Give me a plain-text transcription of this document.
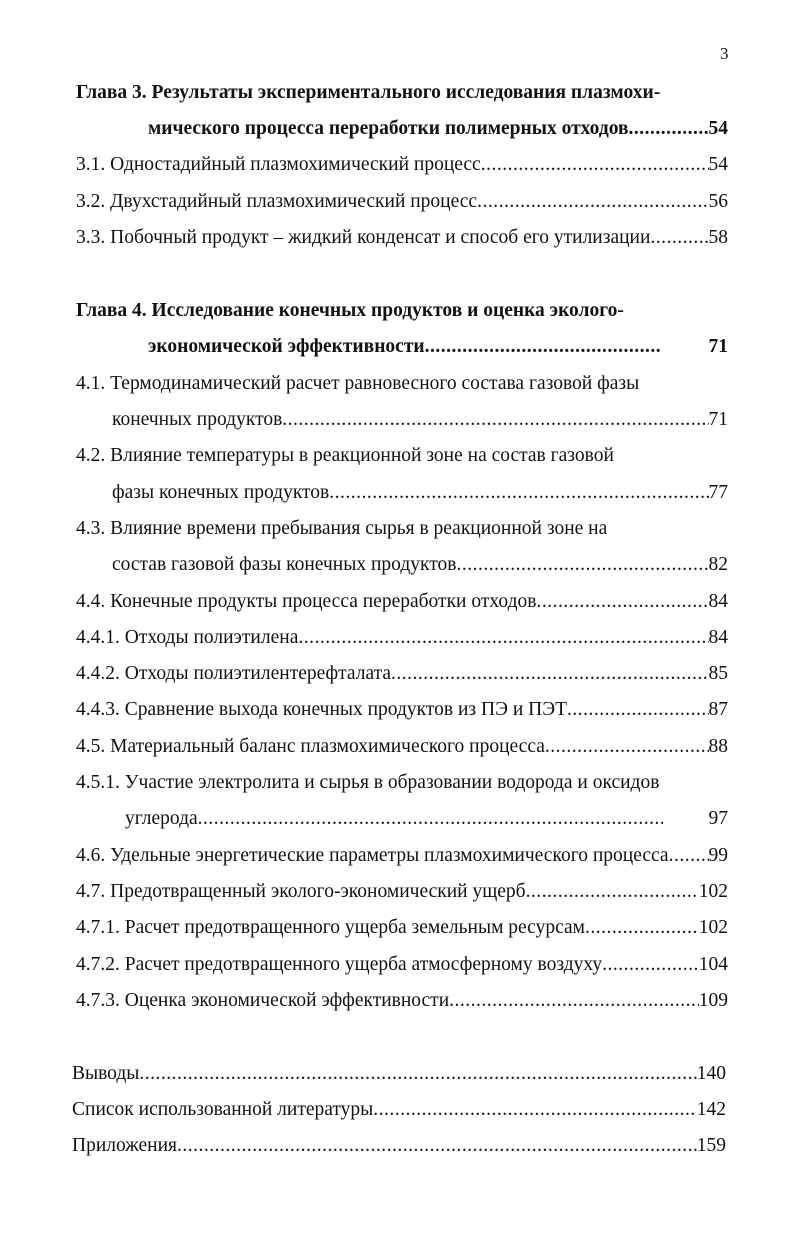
3
Глава 3. Результаты экспериментального исследования плазмохи-
мического процесса переработки полимерных отходов .....	54
3.1. Одностадийный плазмохимический процесс .....	54
3.2. Двухстадийный плазмохимический процесс .....	56
3.3. Побочный продукт – жидкий конденсат и способ его утилизации .....	58
Глава 4. Исследование конечных продуктов и оценка эколого-
экономической эффективности .....	71
4.1. Термодинамический расчет равновесного состава газовой фазы
конечных продуктов .....	71
4.2. Влияние температуры в реакционной зоне на состав газовой
фазы конечных продуктов .....	77
4.3. Влияние времени пребывания сырья в реакционной зоне на
состав газовой фазы конечных продуктов .....	82
4.4. Конечные продукты процесса переработки отходов .....	84
4.4.1. Отходы полиэтилена .....	84
4.4.2. Отходы полиэтилентерефталата .....	85
4.4.3. Сравнение выхода конечных продуктов из ПЭ и ПЭТ .....	87
4.5. Материальный баланс плазмохимического процесса .....	88
4.5.1. Участие электролита и сырья в образовании водорода и оксидов
углерода .....	97
4.6. Удельные энергетические параметры плазмохимического процесса ..... 99
4.7. Предотвращенный эколого-экономический ущерб .....	102
4.7.1. Расчет предотвращенного ущерба земельным ресурсам .....	102
4.7.2. Расчет предотвращенного ущерба атмосферному воздуху .....	104
4.7.3. Оценка экономической эффективности .....	109
Выводы .....	140
Список использованной литературы .....	142
Приложения .....	159
